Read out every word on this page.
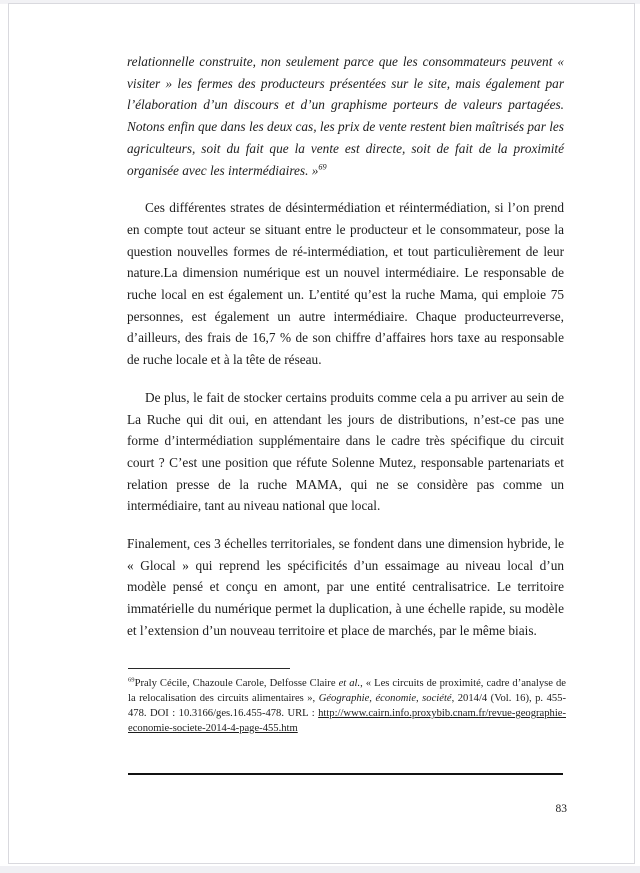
relationnelle construite, non seulement parce que les consommateurs peuvent « visiter » les fermes des producteurs présentées sur le site, mais également par l’élaboration d’un discours et d’un graphisme porteurs de valeurs partagées. Notons enfin que dans les deux cas, les prix de vente restent bien maîtrisés par les agriculteurs, soit du fait que la vente est directe, soit de fait de la proximité organisée avec les intermédiaires. »$^{69}$

Ces différentes strates de désintermédiation et réintermédiation, si l’on prend en compte tout acteur se situant entre le producteur et le consommateur, pose la question nouvelles formes de ré-intermédiation, et tout particulièrement de leur nature.La dimension numérique est un nouvel intermédiaire. Le responsable de ruche local en est également un. L’entité qu’est la ruche Mama, qui emploie 75 personnes, est également un autre intermédiaire. Chaque producteurreverse, d’ailleurs, des frais de 16,7 % de son chiffre d’affaires hors taxe au responsable de ruche locale et à la tête de réseau.

De plus, le fait de stocker certains produits comme cela a pu arriver au sein de La Ruche qui dit oui, en attendant les jours de distributions, n’est-ce pas une forme d’intermédiation supplémentaire dans le cadre très spécifique du circuit court ? C’est une position que réfute Solenne Mutez, responsable partenariats et relation presse de la ruche MAMA, qui ne se considère pas comme un intermédiaire, tant au niveau national que local.

Finalement, ces 3 échelles territoriales, se fondent dans une dimension hybride, le « Glocal » qui reprend les spécificités d’un essaimage au niveau local d’un modèle pensé et conçu en amont, par une entité centralisatrice. Le territoire immatérielle du numérique permet la duplication, à une échelle rapide, su modèle et l’extension d’un nouveau territoire et place de marchés, par le même biais.

$^{69}$Praly Cécile, Chazoule Carole, Delfosse Claire et al., « Les circuits de proximité, cadre d’analyse de la relocalisation des circuits alimentaires », Géographie, économie, société, 2014/4 (Vol. 16), p. 455-478. DOI : 10.3166/ges.16.455-478. URL : http://www.cairn.info.proxybib.cnam.fr/revue-geographie-economie-societe-2014-4-page-455.htm
83
